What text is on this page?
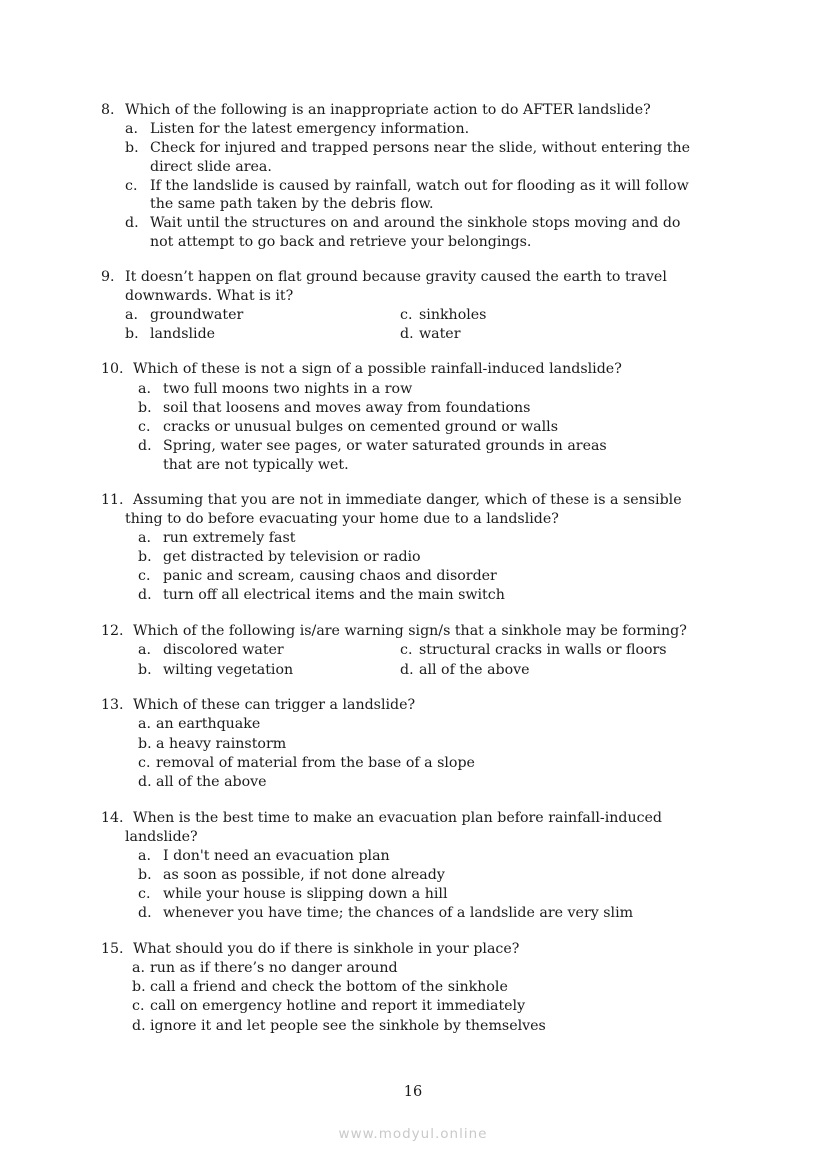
8. Which of the following is an inappropriate action to do AFTER landslide?
a. Listen for the latest emergency information.
b. Check for injured and trapped persons near the slide, without entering the
direct slide area.
c. If the landslide is caused by rainfall, watch out for flooding as it will follow
the same path taken by the debris flow.
d. Wait until the structures on and around the sinkhole stops moving and do
not attempt to go back and retrieve your belongings.
9. It doesn’t happen on flat ground because gravity caused the earth to travel
downwards. What is it?
a. groundwater	c. sinkholes
b. landslide	d. water
10. Which of these is not a sign of a possible rainfall-induced landslide?
a. two full moons two nights in a row
b. soil that loosens and moves away from foundations
c. cracks or unusual bulges on cemented ground or walls
d. Spring, water see pages, or water saturated grounds in areas
that are not typically wet.
11. Assuming that you are not in immediate danger, which of these is a sensible
thing to do before evacuating your home due to a landslide?
a. run extremely fast
b. get distracted by television or radio
c. panic and scream, causing chaos and disorder
d. turn off all electrical items and the main switch
12. Which of the following is/are warning sign/s that a sinkhole may be forming?
a. discolored water	c. structural cracks in walls or floors
b. wilting vegetation	d. all of the above
13. Which of these can trigger a landslide?
a. an earthquake
b. a heavy rainstorm
c. removal of material from the base of a slope
d. all of the above
14. When is the best time to make an evacuation plan before rainfall-induced
landslide?
a. I don't need an evacuation plan
b. as soon as possible, if not done already
c. while your house is slipping down a hill
d. whenever you have time; the chances of a landslide are very slim
15. What should you do if there is sinkhole in your place?
a. run as if there’s no danger around
b. call a friend and check the bottom of the sinkhole
c. call on emergency hotline and report it immediately
d. ignore it and let people see the sinkhole by themselves
16
www.modyul.online
